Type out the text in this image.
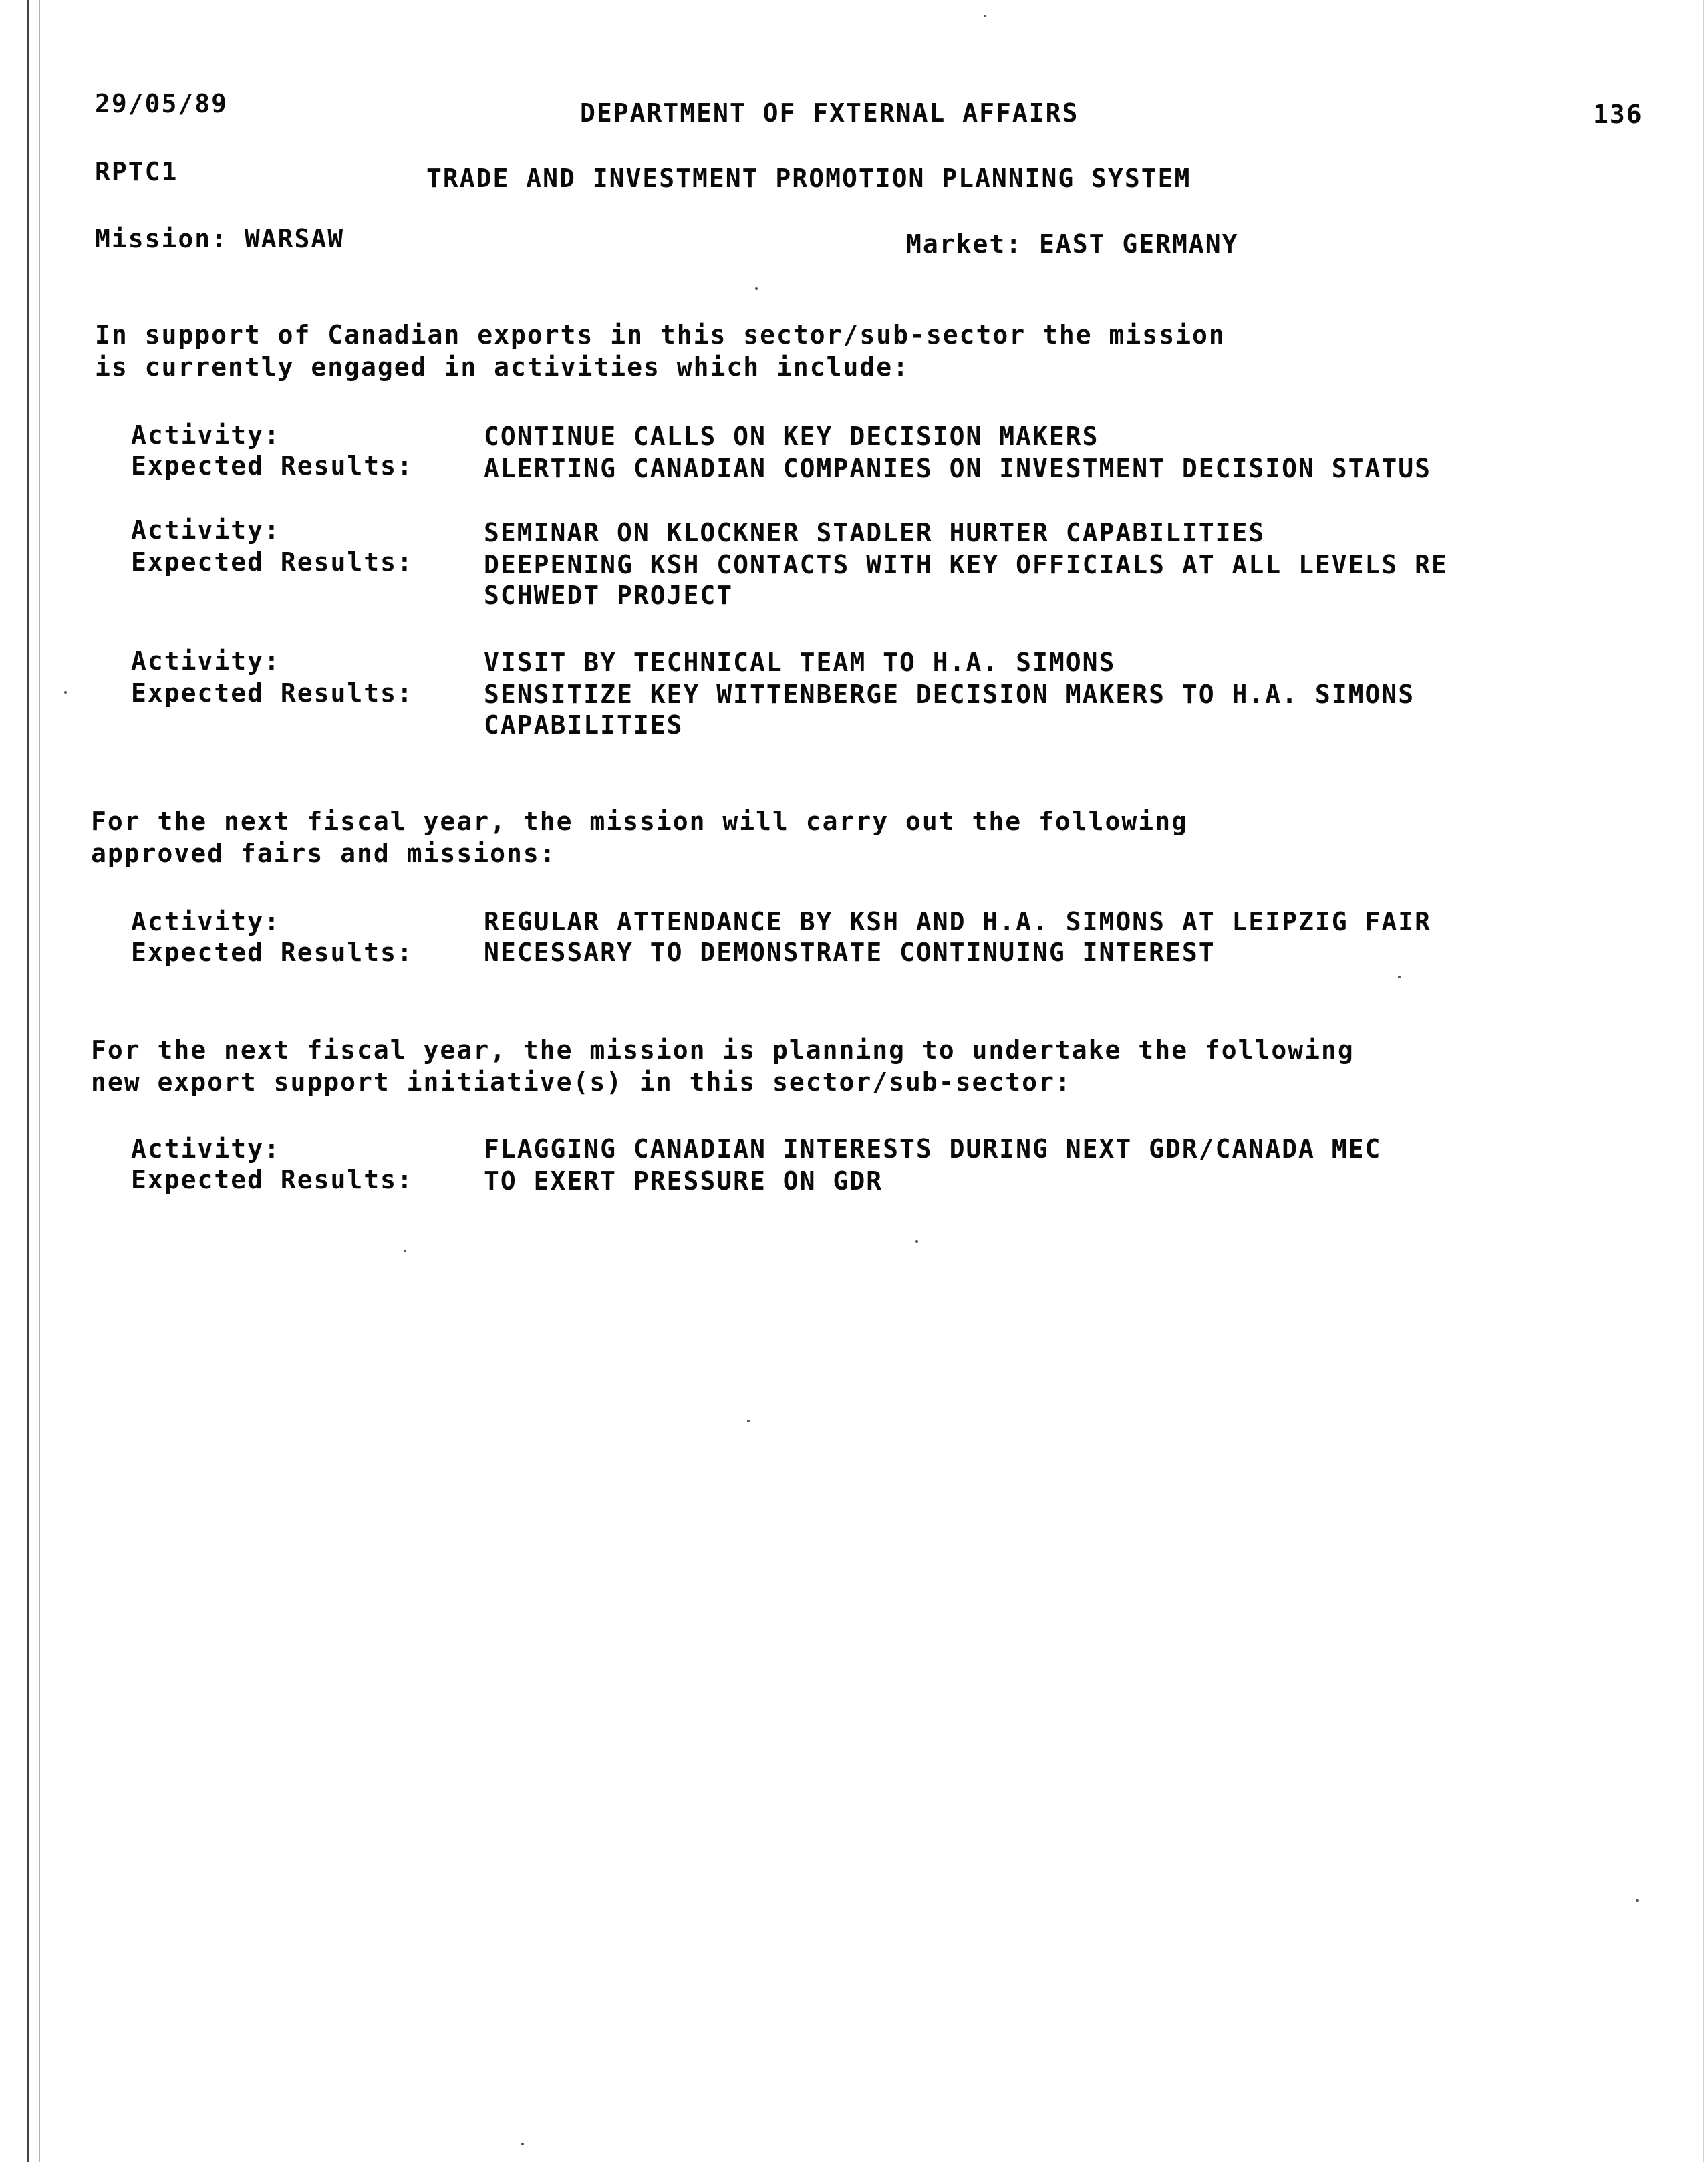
29/05/89	DEPARTMENT OF FXTERNAL AFFAIRS	136
RPTC1	TRADE AND INVESTMENT PROMOTION PLANNING SYSTEM
Mission: WARSAW	Market: EAST GERMANY
In support of Canadian exports in this sector/sub-sector the mission
is currently engaged in activities which include:
Activity:	CONTINUE CALLS ON KEY DECISION MAKERS
Expected Results:	ALERTING CANADIAN COMPANIES ON INVESTMENT DECISION STATUS
Activity:	SEMINAR ON KLOCKNER STADLER HURTER CAPABILITIES
Expected Results:	DEEPENING KSH CONTACTS WITH KEY OFFICIALS AT ALL LEVELS RE
SCHWEDT PROJECT
Activity:	VISIT BY TECHNICAL TEAM TO H.A. SIMONS
Expected Results:	SENSITIZE KEY WITTENBERGE DECISION MAKERS TO H.A. SIMONS
CAPABILITIES
For the next fiscal year, the mission will carry out the following
approved fairs and missions:
Activity:	REGULAR ATTENDANCE BY KSH AND H.A. SIMONS AT LEIPZIG FAIR
Expected Results:	NECESSARY TO DEMONSTRATE CONTINUING INTEREST
For the next fiscal year, the mission is planning to undertake the following
new export support initiative(s) in this sector/sub-sector:
Activity:	FLAGGING CANADIAN INTERESTS DURING NEXT GDR/CANADA MEC
Expected Results:	TO EXERT PRESSURE ON GDR
